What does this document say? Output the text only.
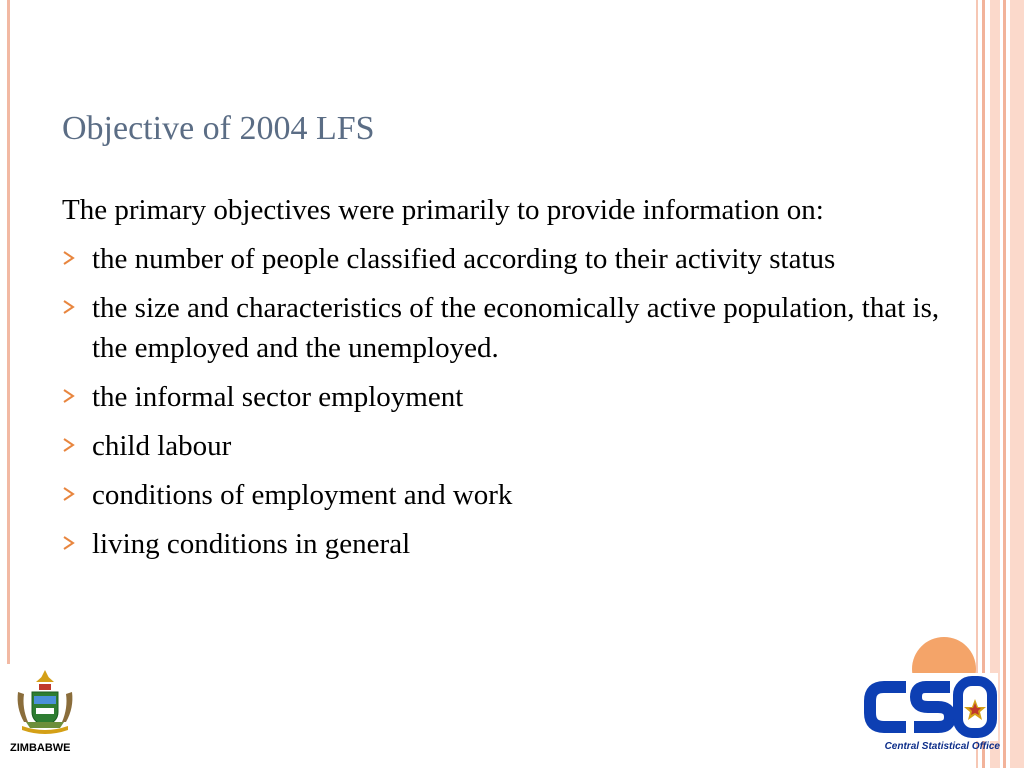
Objective of 2004 LFS

The primary objectives were primarily to provide information on:

the number of people classified according to their activity status
the size and characteristics of the economically active population, that is, the employed and the unemployed.
the informal sector employment
child labour
conditions of employment and work
living conditions in general
ZIMBABWE	Central Statistical Office
